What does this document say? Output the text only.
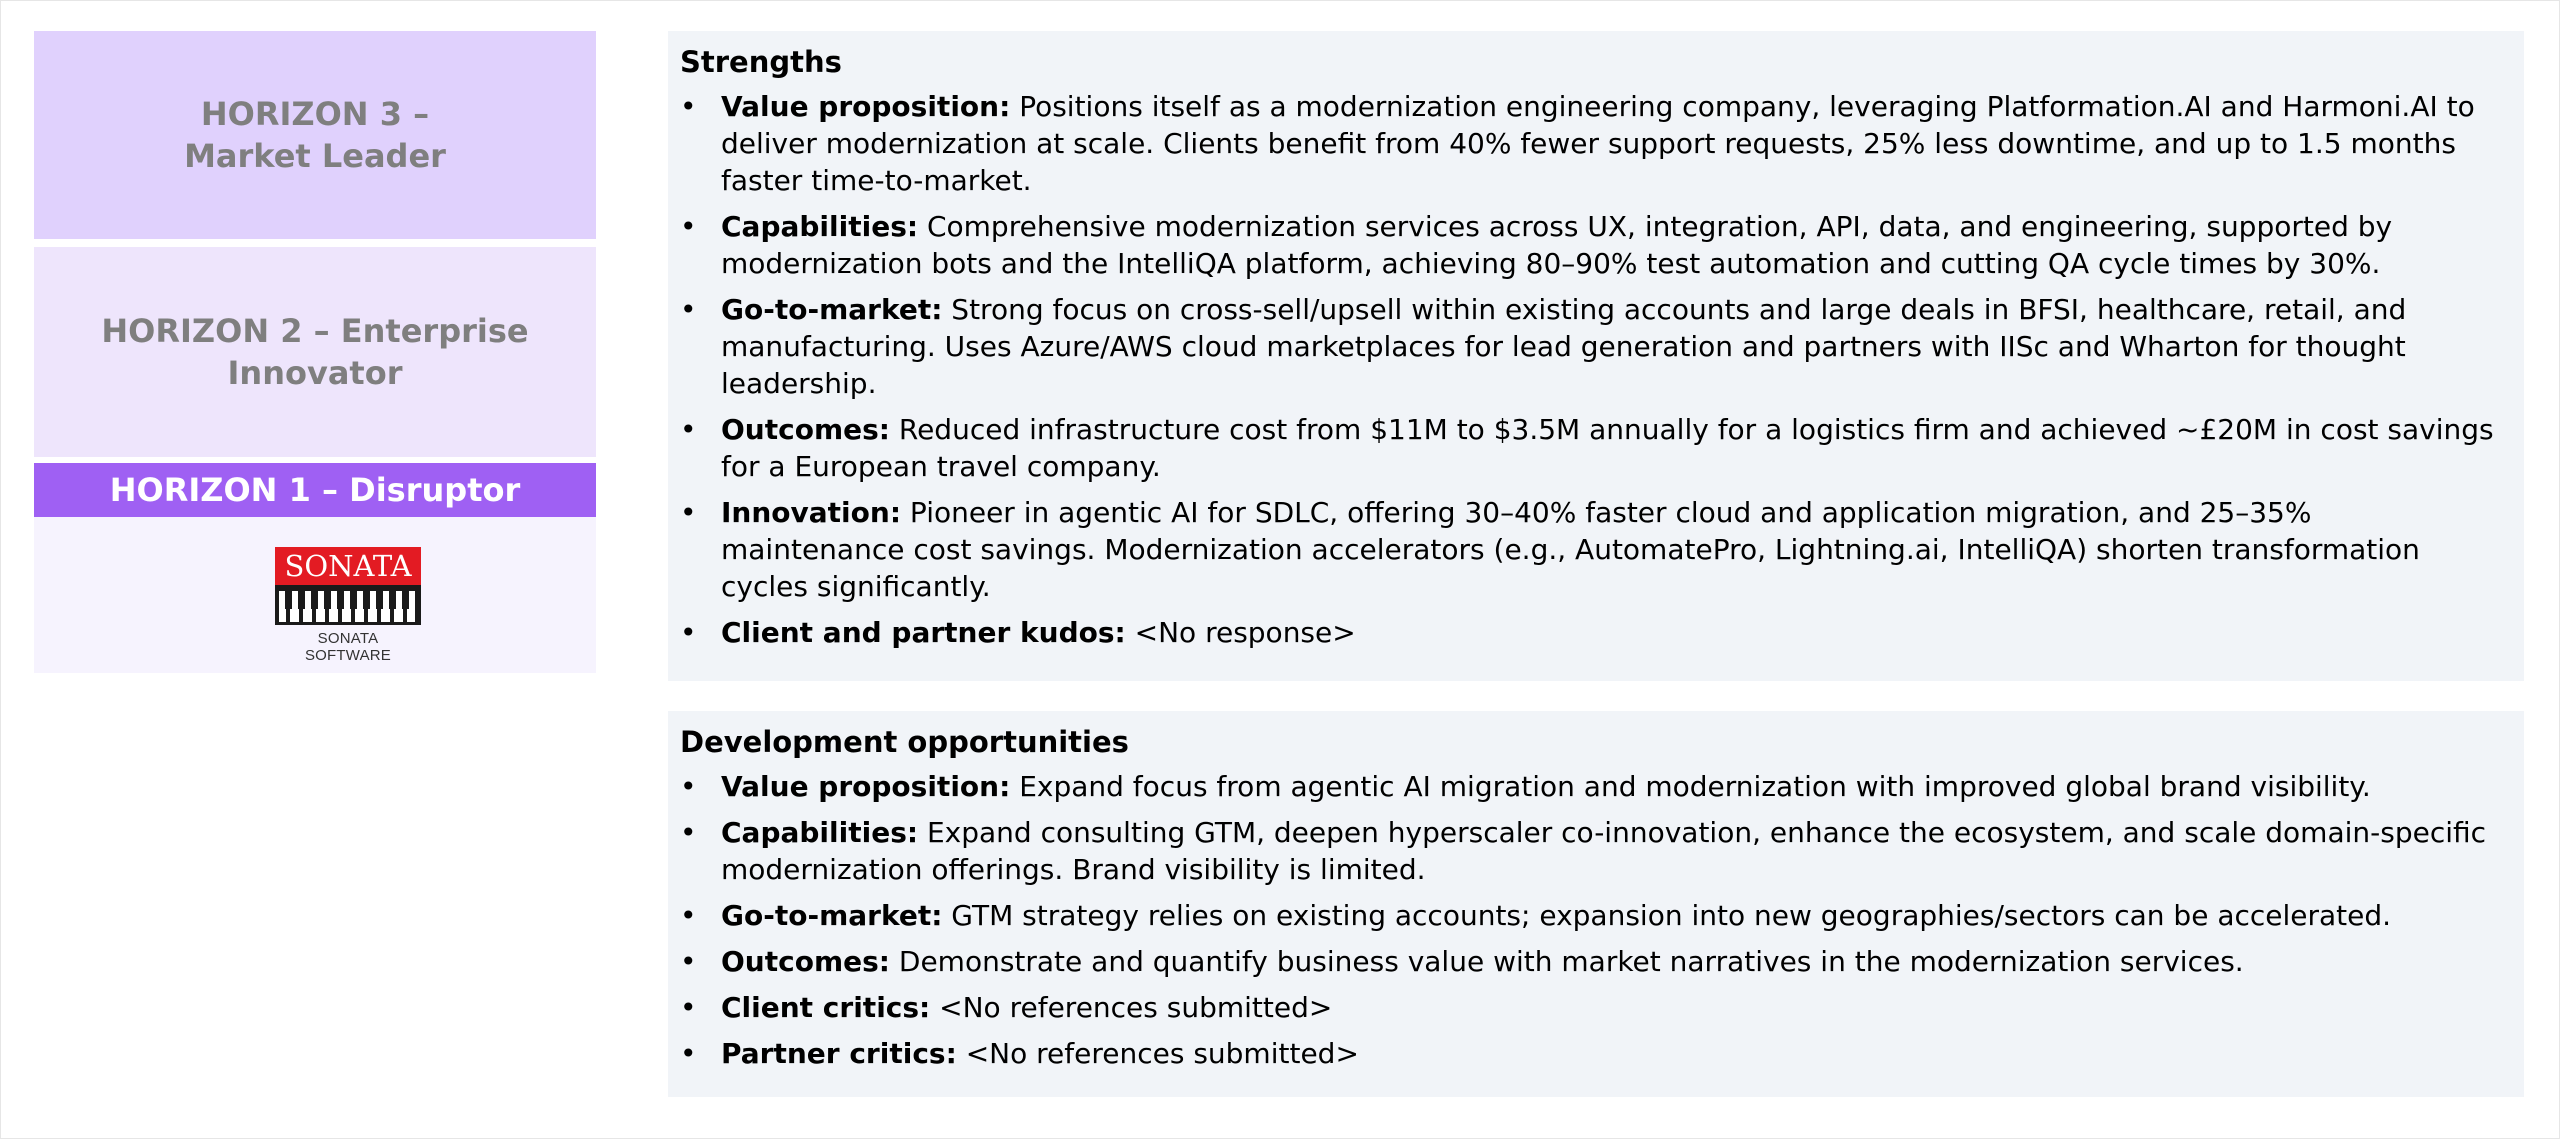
HORIZON 3 –
Market Leader
HORIZON 2 – Enterprise
Innovator
HORIZON 1 – Disruptor
SONATA
SONATA SOFTWARE
Strengths
• Value proposition: Positions itself as a modernization engineering company, leveraging Platformation.AI and Harmoni.AI to deliver modernization at scale. Clients benefit from 40% fewer support requests, 25% less downtime, and up to 1.5 months faster time-to-market.
• Capabilities: Comprehensive modernization services across UX, integration, API, data, and engineering, supported by modernization bots and the IntelliQA platform, achieving 80–90% test automation and cutting QA cycle times by 30%.
• Go-to-market: Strong focus on cross-sell/upsell within existing accounts and large deals in BFSI, healthcare, retail, and manufacturing. Uses Azure/AWS cloud marketplaces for lead generation and partners with IISc and Wharton for thought leadership.
• Outcomes: Reduced infrastructure cost from $11M to $3.5M annually for a logistics firm and achieved ~£20M in cost savings for a European travel company.
• Innovation: Pioneer in agentic AI for SDLC, offering 30–40% faster cloud and application migration, and 25–35% maintenance cost savings. Modernization accelerators (e.g., AutomatePro, Lightning.ai, IntelliQA) shorten transformation cycles significantly.
• Client and partner kudos: <No response>
Development opportunities
• Value proposition: Expand focus from agentic AI migration and modernization with improved global brand visibility.
• Capabilities: Expand consulting GTM, deepen hyperscaler co-innovation, enhance the ecosystem, and scale domain-specific modernization offerings. Brand visibility is limited.
• Go-to-market: GTM strategy relies on existing accounts; expansion into new geographies/sectors can be accelerated.
• Outcomes: Demonstrate and quantify business value with market narratives in the modernization services.
• Client critics: <No references submitted>
• Partner critics: <No references submitted>
